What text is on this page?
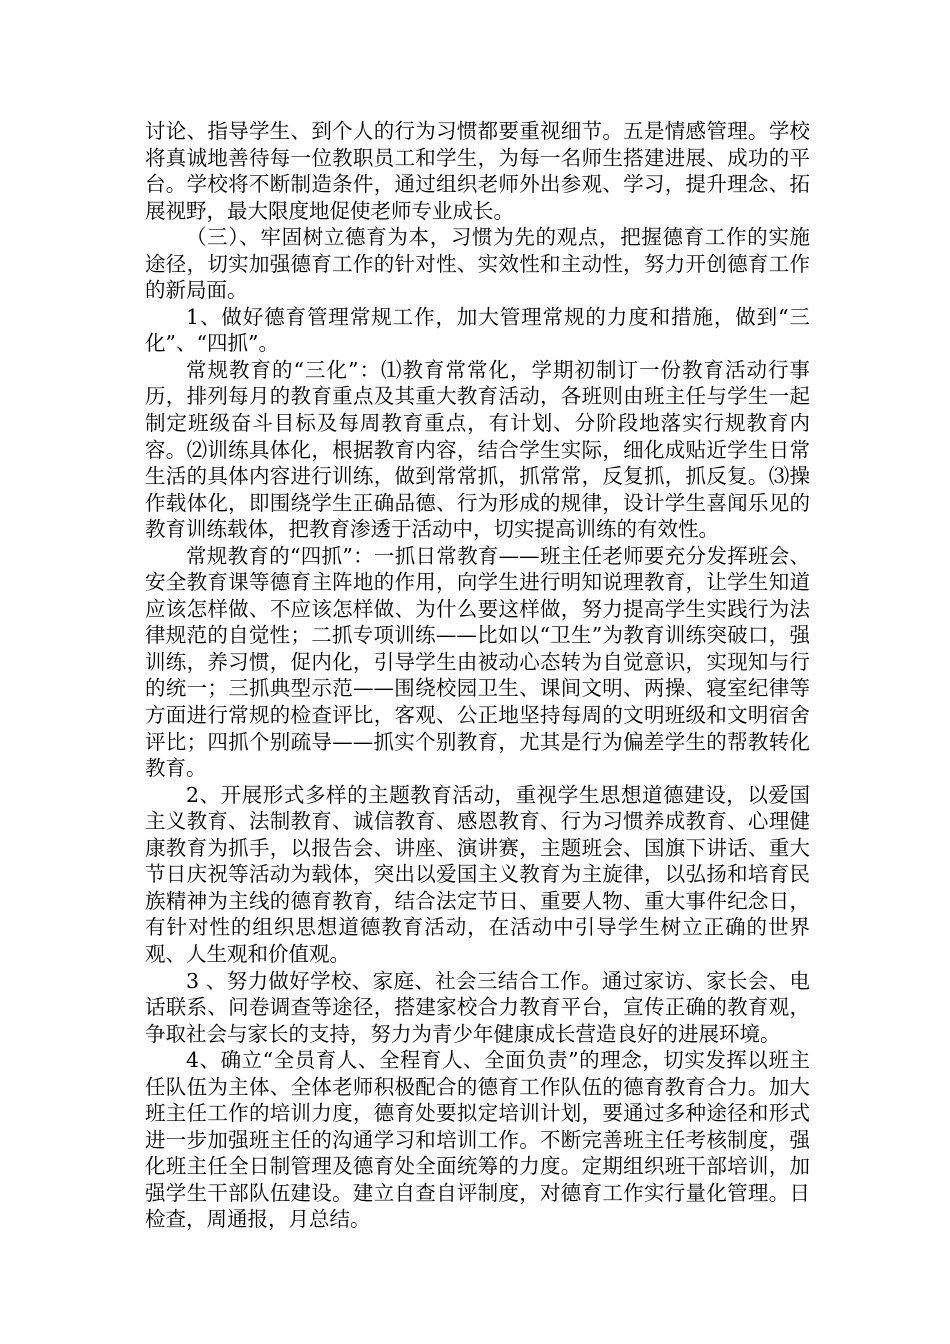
讨论、指导学生、到个人的行为习惯都要重视细节。五是情感管理。学校将真诚地善待每一位教职员工和学生，为每一名师生搭建进展、成功的平台。学校将不断制造条件，通过组织老师外出参观、学习，提升理念、拓展视野，最大限度地促使老师专业成长。

（三）、牢固树立德育为本，习惯为先的观点，把握德育工作的实施途径，切实加强德育工作的针对性、实效性和主动性，努力开创德育工作的新局面。

1、做好德育管理常规工作，加大管理常规的力度和措施，做到“三化”、“四抓”。

常规教育的“三化”：⑴教育常常化，学期初制订一份教育活动行事历，排列每月的教育重点及其重大教育活动，各班则由班主任与学生一起制定班级奋斗目标及每周教育重点，有计划、分阶段地落实行规教育内容。⑵训练具体化，根据教育内容，结合学生实际，细化成贴近学生日常生活的具体内容进行训练，做到常常抓，抓常常，反复抓，抓反复。⑶操作载体化，即围绕学生正确品德、行为形成的规律，设计学生喜闻乐见的教育训练载体，把教育渗透于活动中，切实提高训练的有效性。

常规教育的“四抓”：一抓日常教育——班主任老师要充分发挥班会、安全教育课等德育主阵地的作用，向学生进行明知说理教育，让学生知道应该怎样做、不应该怎样做、为什么要这样做，努力提高学生实践行为法律规范的自觉性；二抓专项训练——比如以“卫生”为教育训练突破口，强训练，养习惯，促内化，引导学生由被动心态转为自觉意识，实现知与行的统一；三抓典型示范——围绕校园卫生、课间文明、两操、寝室纪律等方面进行常规的检查评比，客观、公正地坚持每周的文明班级和文明宿舍评比；四抓个别疏导——抓实个别教育，尤其是行为偏差学生的帮教转化教育。

2、开展形式多样的主题教育活动，重视学生思想道德建设，以爱国主义教育、法制教育、诚信教育、感恩教育、行为习惯养成教育、心理健康教育为抓手，以报告会、讲座、演讲赛，主题班会、国旗下讲话、重大节日庆祝等活动为载体，突出以爱国主义教育为主旋律，以弘扬和培育民族精神为主线的德育教育，结合法定节日、重要人物、重大事件纪念日，有针对性的组织思想道德教育活动，在活动中引导学生树立正确的世界观、人生观和价值观。

3 、努力做好学校、家庭、社会三结合工作。通过家访、家长会、电话联系、问卷调查等途径，搭建家校合力教育平台，宣传正确的教育观，争取社会与家长的支持，努力为青少年健康成长营造良好的进展环境。

4、确立“全员育人、全程育人、全面负责”的理念，切实发挥以班主任队伍为主体、全体老师积极配合的德育工作队伍的德育教育合力。加大班主任工作的培训力度，德育处要拟定培训计划，要通过多种途径和形式进一步加强班主任的沟通学习和培训工作。不断完善班主任考核制度，强化班主任全日制管理及德育处全面统筹的力度。定期组织班干部培训，加强学生干部队伍建设。建立自查自评制度，对德育工作实行量化管理。日检查，周通报，月总结。
